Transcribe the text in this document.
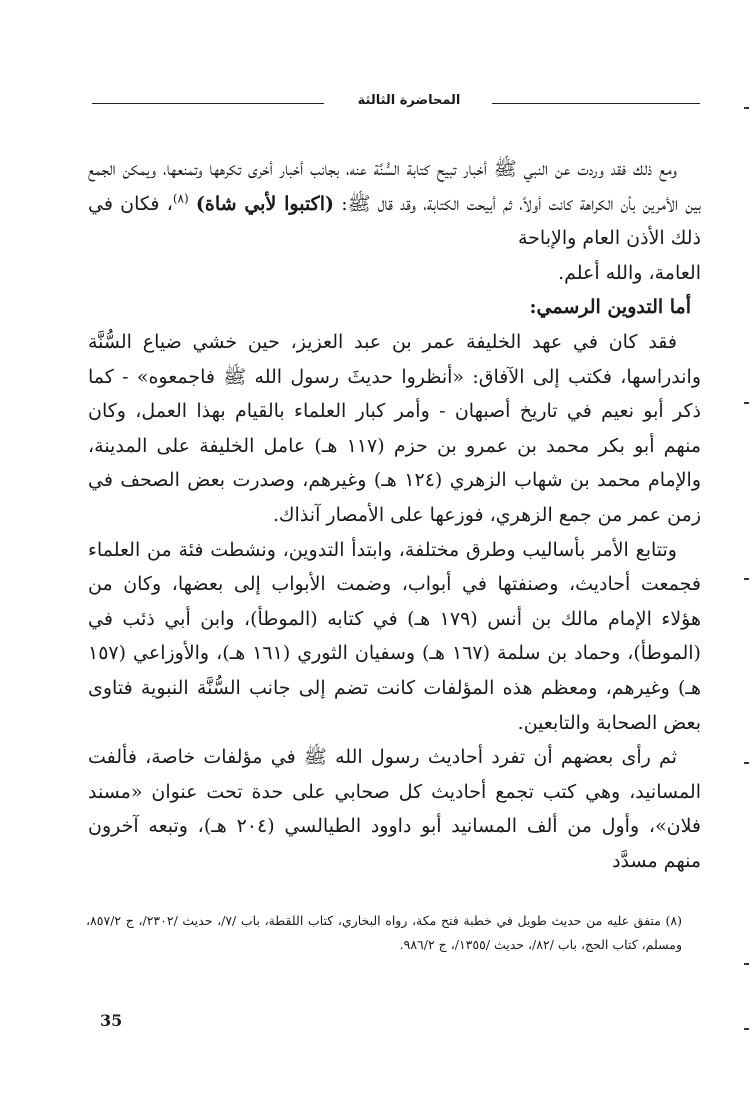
المحاضرة الثالثة

ومع ذلك فقد وردت عن النبي ﷺ أخبار تبيح كتابة السُّنَّة عنه، بجانب أخبار أخرى تكرهها وتمنعها، ويمكن الجمع بين الأمرين بأن الكراهة كانت أولاً، ثم أبيحت الكتابة، وقد قال ﷺ: (اكتبوا لأبي شاة) $^{(٨)}$، فكان في ذلك الأذن العام والإباحة

العامة، والله أعلم.

أما التدوين الرسمي:

فقد كان في عهد الخليفة عمر بن عبد العزيز، حين خشي ضياع السُّنَّة واندراسها، فكتب إلى الآفاق: «أنظروا حديثَ رسول الله ﷺ فاجمعوه» - كما ذكر أبو نعيم في تاريخ أصبهان - وأمر كبار العلماء بالقيام بهذا العمل، وكان منهم أبو بكر محمد بن عمرو بن حزم (١١٧ هـ) عامل الخليفة على المدينة، والإمام محمد بن شهاب الزهري (١٢٤ هـ) وغيرهم، وصدرت بعض الصحف في زمن عمر من جمع الزهري، فوزعها على الأمصار آنذاك.

وتتابع الأمر بأساليب وطرق مختلفة، وابتدأ التدوين، ونشطت فئة من العلماء فجمعت أحاديث، وصنفتها في أبواب، وضمت الأبواب إلى بعضها، وكان من هؤلاء الإمام مالك بن أنس (١٧٩ هـ) في كتابه (الموطأ)، وابن أبي ذئب في (الموطأ)، وحماد بن سلمة (١٦٧ هـ) وسفيان الثوري (١٦١ هـ)، والأوزاعي (١٥٧ هـ) وغيرهم، ومعظم هذه المؤلفات كانت تضم إلى جانب السُّنَّة النبوية فتاوى بعض الصحابة والتابعين.

ثم رأى بعضهم أن تفرد أحاديث رسول الله ﷺ في مؤلفات خاصة، فألفت المسانيد، وهي كتب تجمع أحاديث كل صحابي على حدة تحت عنوان «مسند فلان»، وأول من ألف المسانيد أبو داوود الطيالسي (٢٠٤ هـ)، وتبعه آخرون منهم مسدَّد

(٨) متفق عليه من حديث طويل في خطبة فتح مكة، رواه البخاري، كتاب اللقطة، باب /٧/، حديث /٢٣٠٢/، ج ٨٥٧/٢، ومسلم، كتاب الحج، باب /٨٢/، حديث /١٣٥٥/، ج ٩٨٦/٢.

35
